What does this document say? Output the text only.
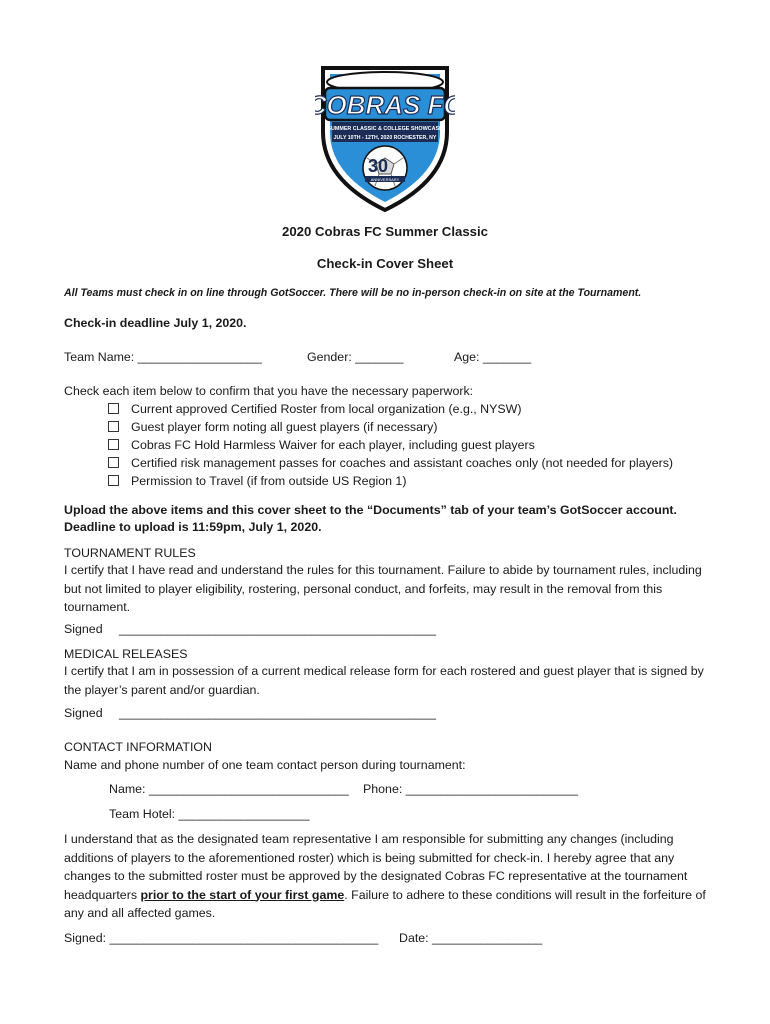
COBRAS FC
SUMMER CLASSIC & COLLEGE SHOWCASE
JULY 10TH - 12TH, 2020 ROCHESTER, NY
30
ANNIVERSARY
2020 Cobras FC Summer Classic
Check-in Cover Sheet
All Teams must check in on line through GotSoccer. There will be no in-person check-in on site at the Tournament.
Check-in deadline July 1, 2020.
Team Name: __________________	Gender: _______	Age: _______
Check each item below to confirm that you have the necessary paperwork:
Current approved Certified Roster from local organization (e.g., NYSW)
Guest player form noting all guest players (if necessary)
Cobras FC Hold Harmless Waiver for each player, including guest players
Certified risk management passes for coaches and assistant coaches only (not needed for players)
Permission to Travel (if from outside US Region 1)
Upload the above items and this cover sheet to the “Documents” tab of your team’s GotSoccer account.
Deadline to upload is 11:59pm, July 1, 2020.
TOURNAMENT RULES
I certify that I have read and understand the rules for this tournament. Failure to abide by tournament rules, including but not limited to player eligibility, rostering, personal conduct, and forfeits, may result in the removal from this tournament.
Signed ______________________________________________
MEDICAL RELEASES
I certify that I am in possession of a current medical release form for each rostered and guest player that is signed by the player’s parent and/or guardian.
Signed ______________________________________________
CONTACT INFORMATION
Name and phone number of one team contact person during tournament:
Name: _____________________________ Phone: _________________________
Team Hotel: ___________________
I understand that as the designated team representative I am responsible for submitting any changes (including additions of players to the aforementioned roster) which is being submitted for check-in. I hereby agree that any changes to the submitted roster must be approved by the designated Cobras FC representative at the tournament headquarters prior to the start of your first game. Failure to adhere to these conditions will result in the forfeiture of any and all affected games.
Signed: _______________________________________ Date: ________________
